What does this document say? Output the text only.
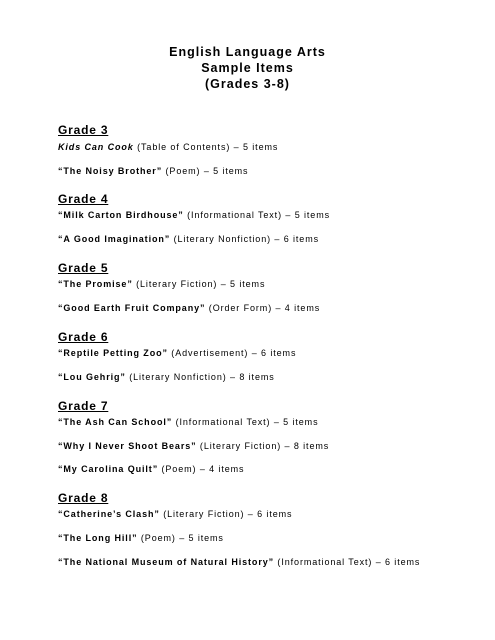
English Language Arts
Sample Items
(Grades 3-8)

Grade 3

Kids Can Cook (Table of Contents) – 5 items
“The Noisy Brother” (Poem) – 5 items

Grade 4

“Milk Carton Birdhouse” (Informational Text) – 5 items
“A Good Imagination” (Literary Nonfiction) – 6 items

Grade 5

“The Promise” (Literary Fiction) – 5 items
“Good Earth Fruit Company” (Order Form) – 4 items

Grade 6

“Reptile Petting Zoo” (Advertisement) – 6 items
“Lou Gehrig” (Literary Nonfiction) – 8 items

Grade 7

“The Ash Can School” (Informational Text) – 5 items
“Why I Never Shoot Bears” (Literary Fiction) – 8 items
“My Carolina Quilt” (Poem) – 4 items

Grade 8

“Catherine’s Clash” (Literary Fiction) – 6 items
“The Long Hill” (Poem) – 5 items
“The National Museum of Natural History” (Informational Text) – 6 items
